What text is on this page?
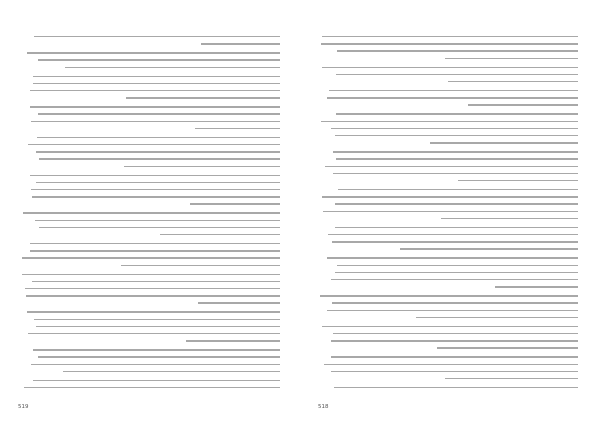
518
519
